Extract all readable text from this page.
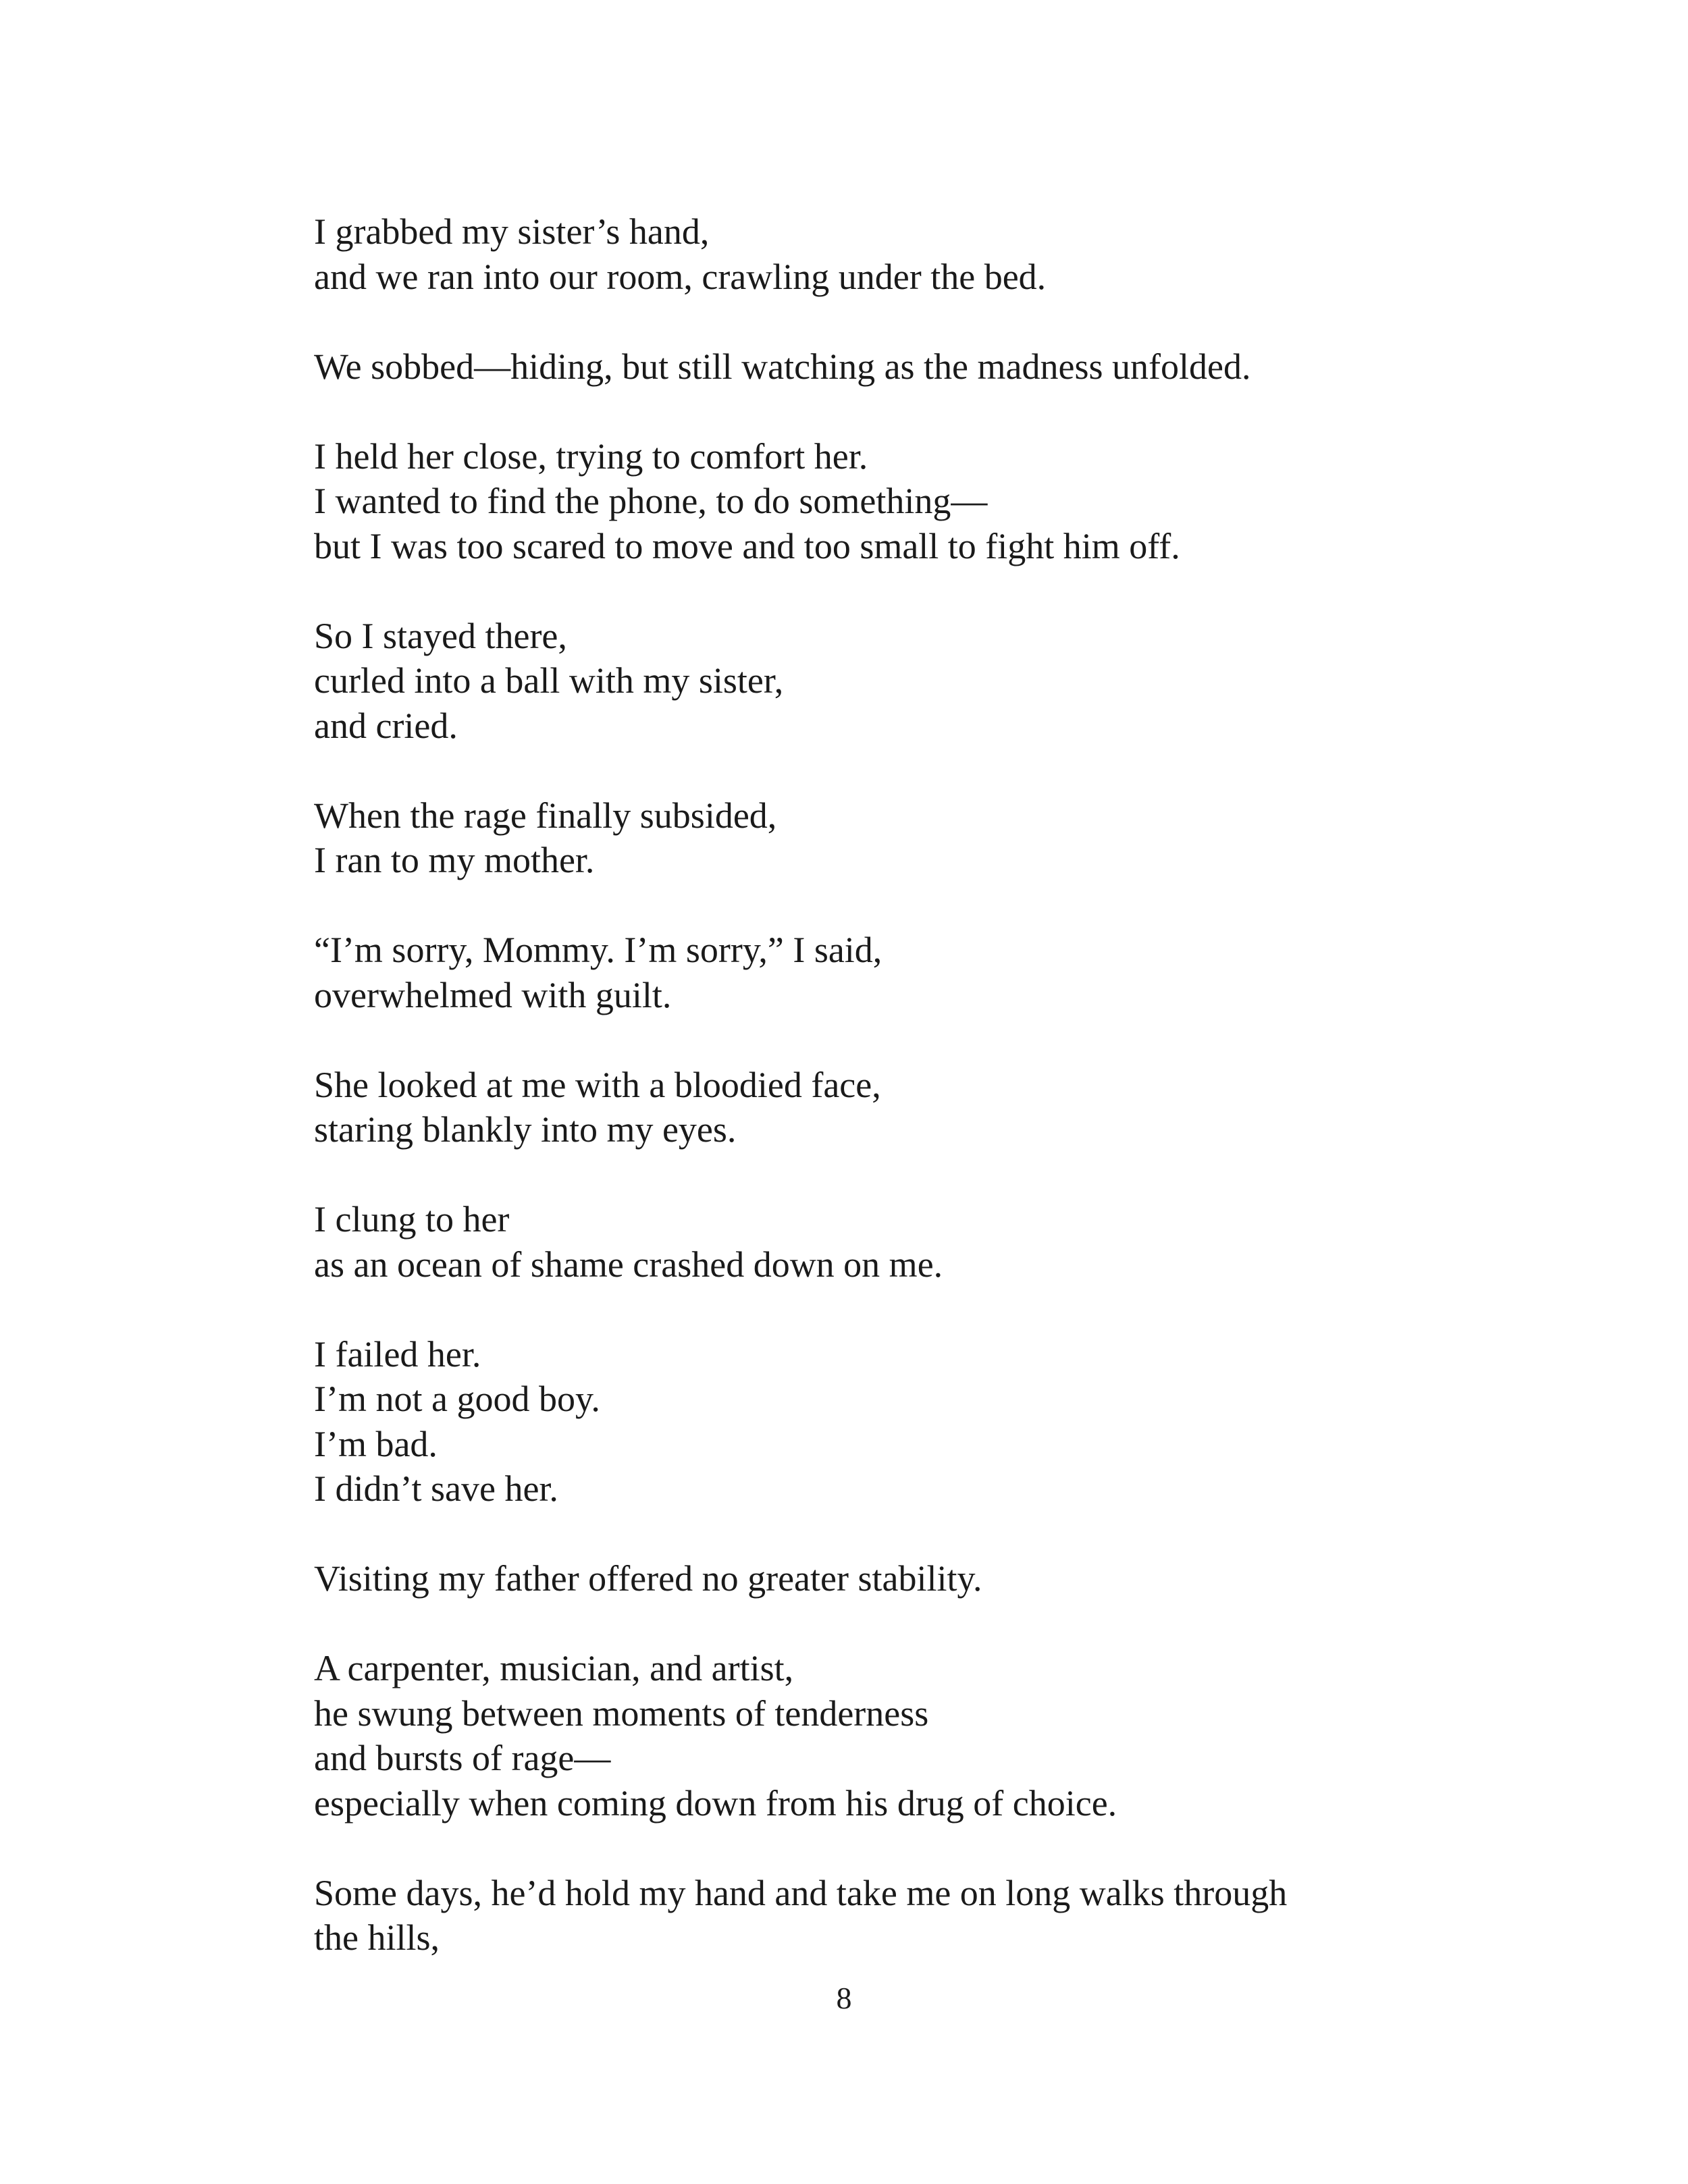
I grabbed my sister’s hand,
and we ran into our room, crawling under the bed.
We sobbed—hiding, but still watching as the madness unfolded.
I held her close, trying to comfort her.
I wanted to find the phone, to do something—
but I was too scared to move and too small to fight him off.
So I stayed there,
curled into a ball with my sister,
and cried.
When the rage finally subsided,
I ran to my mother.
“I’m sorry, Mommy. I’m sorry,” I said,
overwhelmed with guilt.
She looked at me with a bloodied face,
staring blankly into my eyes.
I clung to her
as an ocean of shame crashed down on me.
I failed her.
I’m not a good boy.
I’m bad.
I didn’t save her.
Visiting my father offered no greater stability.
A carpenter, musician, and artist,
he swung between moments of tenderness
and bursts of rage—
especially when coming down from his drug of choice.
Some days, he’d hold my hand and take me on long walks through
the hills,
8
